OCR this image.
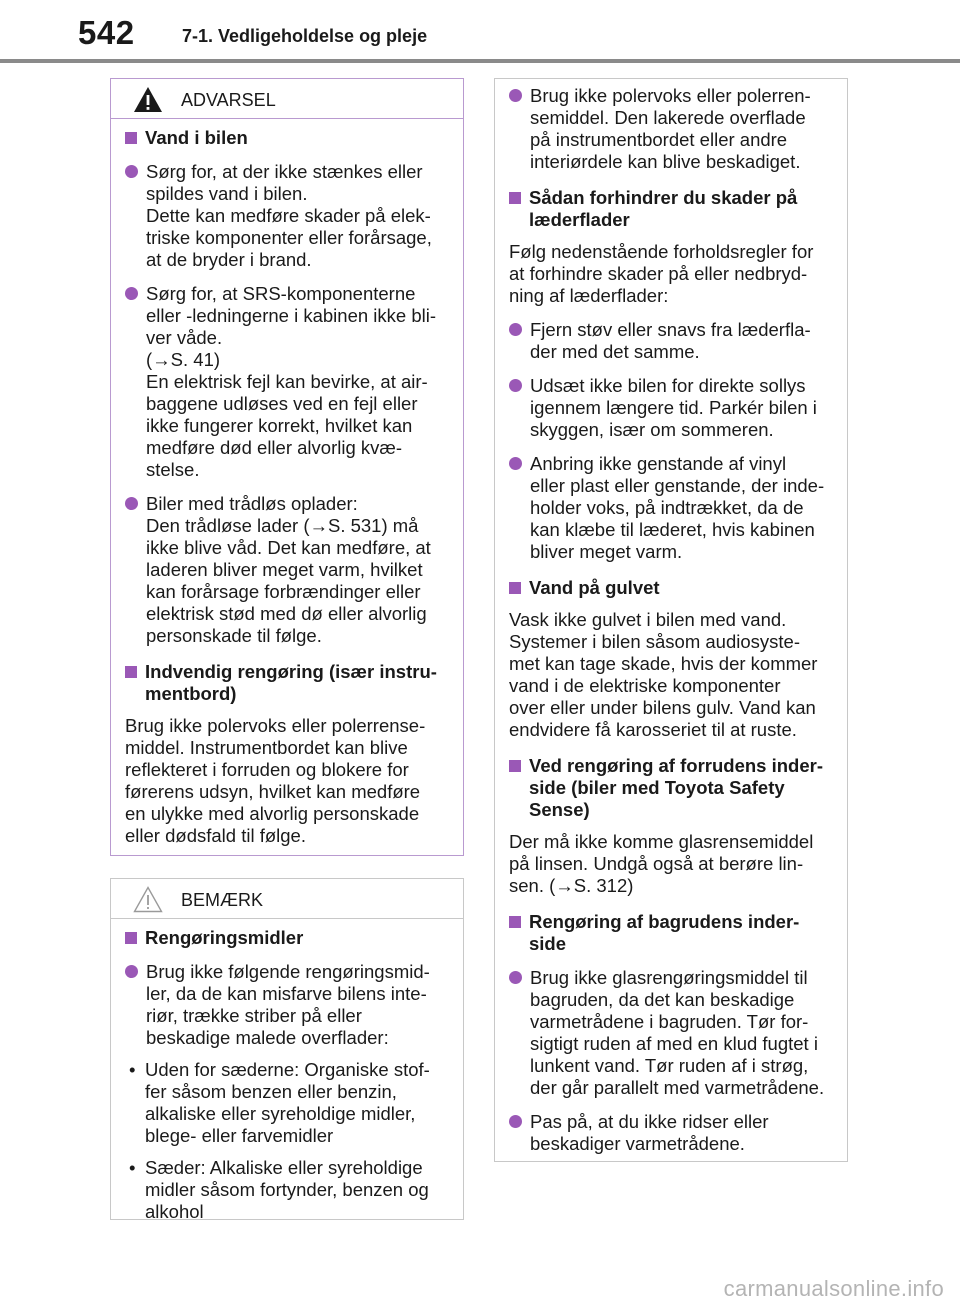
542	7-1. Vedligeholdelse og pleje
ADVARSEL
Vand i bilen
Sørg for, at der ikke stænkes eller
spildes vand i bilen.
Dette kan medføre skader på elek-
triske komponenter eller forårsage,
at de bryder i brand.
Sørg for, at SRS-komponenterne
eller -ledningerne i kabinen ikke bli-
ver våde.
(→S. 41)
En elektrisk fejl kan bevirke, at air-
baggene udløses ved en fejl eller
ikke fungerer korrekt, hvilket kan
medføre død eller alvorlig kvæ-
stelse.
Biler med trådløs oplader:
Den trådløse lader (→S. 531) må
ikke blive våd. Det kan medføre, at
laderen bliver meget varm, hvilket
kan forårsage forbrændinger eller
elektrisk stød med dø eller alvorlig
personskade til følge.
Indvendig rengøring (især instru-
mentbord)
Brug ikke polervoks eller polerrense-
middel. Instrumentbordet kan blive
reflekteret i forruden og blokere for
førerens udsyn, hvilket kan medføre
en ulykke med alvorlig personskade
eller dødsfald til følge.
BEMÆRK
Rengøringsmidler
Brug ikke følgende rengøringsmid-
ler, da de kan misfarve bilens inte-
riør, trække striber på eller
beskadige malede overflader:
• Uden for sæderne: Organiske stof-
fer såsom benzen eller benzin,
alkaliske eller syreholdige midler,
blege- eller farvemidler
• Sæder: Alkaliske eller syreholdige
midler såsom fortynder, benzen og
alkohol
Brug ikke polervoks eller polerren-
semiddel. Den lakerede overflade
på instrumentbordet eller andre
interiørdele kan blive beskadiget.
Sådan forhindrer du skader på
læderflader
Følg nedenstående forholdsregler for
at forhindre skader på eller nedbryd-
ning af læderflader:
Fjern støv eller snavs fra læderfla-
der med det samme.
Udsæt ikke bilen for direkte sollys
igennem længere tid. Parkér bilen i
skyggen, især om sommeren.
Anbring ikke genstande af vinyl
eller plast eller genstande, der inde-
holder voks, på indtrækket, da de
kan klæbe til læderet, hvis kabinen
bliver meget varm.
Vand på gulvet
Vask ikke gulvet i bilen med vand.
Systemer i bilen såsom audiosyste-
met kan tage skade, hvis der kommer
vand i de elektriske komponenter
over eller under bilens gulv. Vand kan
endvidere få karosseriet til at ruste.
Ved rengøring af forrudens inder-
side (biler med Toyota Safety
Sense)
Der må ikke komme glasrensemiddel
på linsen. Undgå også at berøre lin-
sen. (→S. 312)
Rengøring af bagrudens inder-
side
Brug ikke glasrengøringsmiddel til
bagruden, da det kan beskadige
varmetrådene i bagruden. Tør for-
sigtigt ruden af med en klud fugtet i
lunkent vand. Tør ruden af i strøg,
der går parallelt med varmetrådene.
Pas på, at du ikke ridser eller
beskadiger varmetrådene.
carmanualsonline.info
